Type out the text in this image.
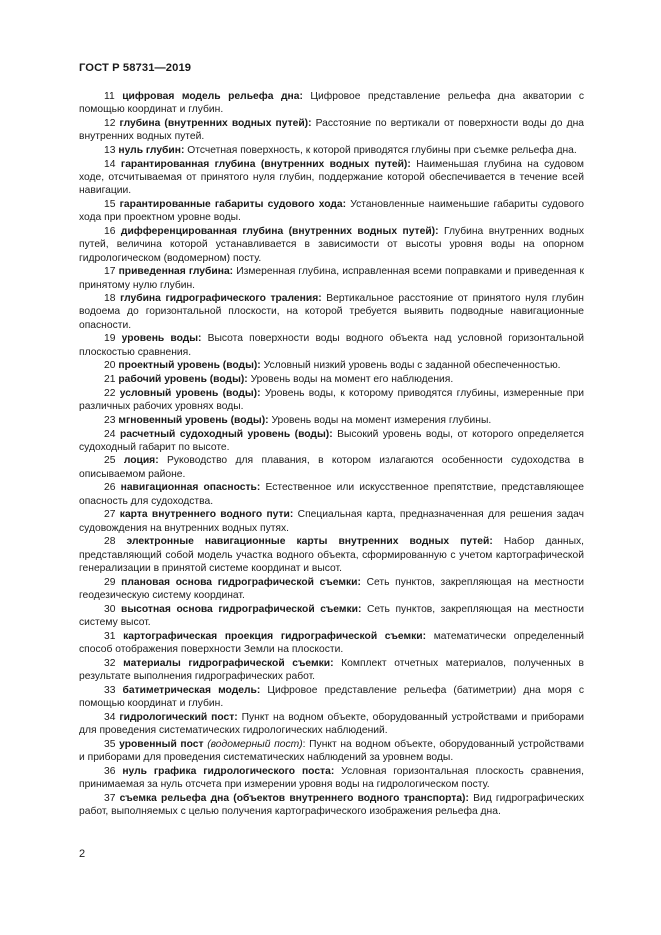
ГОСТ Р 58731—2019

11 цифровая модель рельефа дна: Цифровое представление рельефа дна акватории с помощью координат и глубин.

12 глубина (внутренних водных путей): Расстояние по вертикали от поверхности воды до дна внутренних водных путей.

13 нуль глубин: Отсчетная поверхность, к которой приводятся глубины при съемке рельефа дна.

14 гарантированная глубина (внутренних водных путей): Наименьшая глубина на судовом ходе, отсчитываемая от принятого нуля глубин, поддержание которой обеспечивается в течение всей навигации.

15 гарантированные габариты судового хода: Установленные наименьшие габариты судового хода при проектном уровне воды.

16 дифференцированная глубина (внутренних водных путей): Глубина внутренних водных путей, величина которой устанавливается в зависимости от высоты уровня воды на опорном гидрологическом (водомерном) посту.

17 приведенная глубина: Измеренная глубина, исправленная всеми поправками и приведенная к принятому нулю глубин.

18 глубина гидрографического траления: Вертикальное расстояние от принятого нуля глубин водоема до горизонтальной плоскости, на которой требуется выявить подводные навигационные опасности.

19 уровень воды: Высота поверхности воды водного объекта над условной горизонтальной плоскостью сравнения.

20 проектный уровень (воды): Условный низкий уровень воды с заданной обеспеченностью.

21 рабочий уровень (воды): Уровень воды на момент его наблюдения.

22 условный уровень (воды): Уровень воды, к которому приводятся глубины, измеренные при различных рабочих уровнях воды.

23 мгновенный уровень (воды): Уровень воды на момент измерения глубины.

24 расчетный судоходный уровень (воды): Высокий уровень воды, от которого определяется судоходный габарит по высоте.

25 лоция: Руководство для плавания, в котором излагаются особенности судоходства в описываемом районе.

26 навигационная опасность: Естественное или искусственное препятствие, представляющее опасность для судоходства.

27 карта внутреннего водного пути: Специальная карта, предназначенная для решения задач судовождения на внутренних водных путях.

28 электронные навигационные карты внутренних водных путей: Набор данных, представляющий собой модель участка водного объекта, сформированную с учетом картографической генерализации в принятой системе координат и высот.

29 плановая основа гидрографической съемки: Сеть пунктов, закрепляющая на местности геодезическую систему координат.

30 высотная основа гидрографической съемки: Сеть пунктов, закрепляющая на местности систему высот.

31 картографическая проекция гидрографической съемки: математически определенный способ отображения поверхности Земли на плоскости.

32 материалы гидрографической съемки: Комплект отчетных материалов, полученных в результате выполнения гидрографических работ.

33 батиметрическая модель: Цифровое представление рельефа (батиметрии) дна моря с помощью координат и глубин.

34 гидрологический пост: Пункт на водном объекте, оборудованный устройствами и приборами для проведения систематических гидрологических наблюдений.

35 уровенный пост (водомерный пост): Пункт на водном объекте, оборудованный устройствами и приборами для проведения систематических наблюдений за уровнем воды.

36 нуль графика гидрологического поста: Условная горизонтальная плоскость сравнения, принимаемая за нуль отсчета при измерении уровня воды на гидрологическом посту.

37 съемка рельефа дна (объектов внутреннего водного транспорта): Вид гидрографических работ, выполняемых с целью получения картографического изображения рельефа дна.

2
